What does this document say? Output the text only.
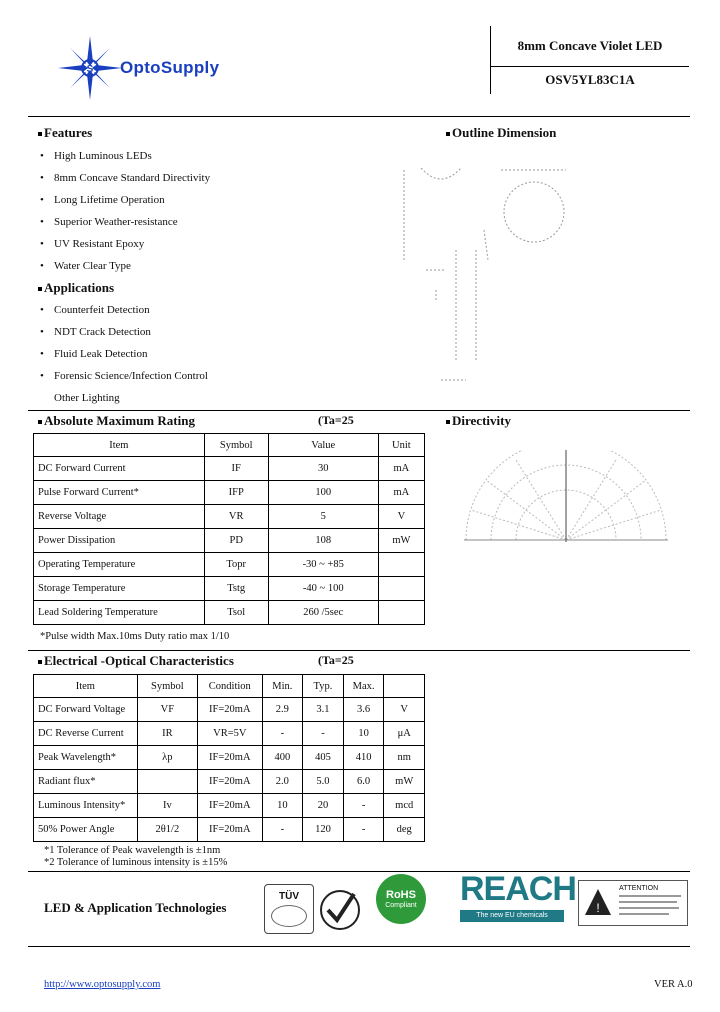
S OptoSupply
8mm Concave Violet LED
OSV5YL83C1A
Features
• High Luminous LEDs
• 8mm Concave Standard Directivity
• Long Lifetime Operation
• Superior Weather-resistance
• UV Resistant Epoxy
• Water Clear Type
Applications
• Counterfeit Detection
• NDT Crack Detection
• Fluid Leak Detection
• Forensic Science/Infection Control
Other Lighting
Outline Dimension
Absolute Maximum Rating	(Ta=25
Item	Symbol	Value	Unit
DC Forward Current	IF	30	mA
Pulse Forward Current*	IFP	100	mA
Reverse Voltage	VR	5	V
Power Dissipation	PD	108	mW
Operating Temperature	Topr	-30 ~ +85	
Storage Temperature	Tstg	-40 ~ 100	
Lead Soldering Temperature	Tsol	260 /5sec	
*Pulse width Max.10ms Duty ratio max 1/10
Directivity
Electrical -Optical Characteristics	(Ta=25
Item	Symbol	Condition	Min.	Typ.	Max.	
DC Forward Voltage	VF	IF=20mA	2.9	3.1	3.6	V
DC Reverse Current	IR	VR=5V	-	-	10	μA
Peak Wavelength*	λp	IF=20mA	400	405	410	nm
Radiant flux*		IF=20mA	2.0	5.0	6.0	mW
Luminous Intensity*	Iv	IF=20mA	10	20	-	mcd
50% Power Angle	2θ1/2	IF=20mA	-	120	-	deg
*1 Tolerance of Peak wavelength is ±1nm
*2 Tolerance of luminous intensity is ±15%
LED & Application Technologies
TÜV	RoHS
Compliant REACH
The new EU chemicals legislation
!
ATTENTION
http://www.optosupply.com	VER A.0
